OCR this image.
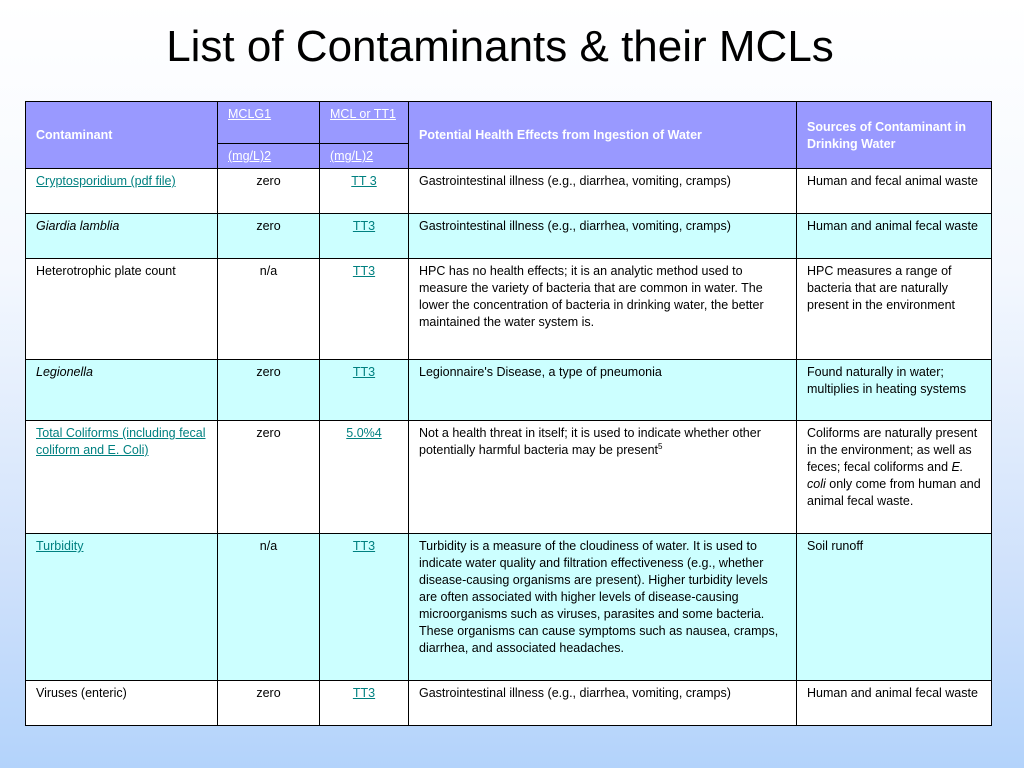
List of Contaminants & their MCLs
Contaminant	MCLG1	MCL or TT1	Potential Health Effects from Ingestion of Water	Sources of Contaminant in Drinking Water
	(mg/L)2	(mg/L)2		
Cryptosporidium (pdf file)	zero	TT 3	Gastrointestinal illness (e.g., diarrhea, vomiting, cramps)	Human and fecal animal waste
Giardia lamblia	zero	TT3	Gastrointestinal illness (e.g., diarrhea, vomiting, cramps)	Human and animal fecal waste
Heterotrophic plate count	n/a	TT3	HPC has no health effects; it is an analytic method used to measure the variety of bacteria that are common in water. The lower the concentration of bacteria in drinking water, the better maintained the water system is.	HPC measures a range of bacteria that are naturally present in the environment
Legionella	zero	TT3	Legionnaire's Disease, a type of pneumonia	Found naturally in water; multiplies in heating systems
Total Coliforms (including fecal coliform and E. Coli)	zero	5.0%4	Not a health threat in itself; it is used to indicate whether other potentially harmful bacteria may be present$^5$	Coliforms are naturally present in the environment; as well as feces; fecal coliforms and E. coli only come from human and animal fecal waste.
Turbidity	n/a	TT3	Turbidity is a measure of the cloudiness of water. It is used to indicate water quality and filtration effectiveness (e.g., whether disease-causing organisms are present). Higher turbidity levels are often associated with higher levels of disease-causing microorganisms such as viruses, parasites and some bacteria. These organisms can cause symptoms such as nausea, cramps, diarrhea, and associated headaches.	Soil runoff
Viruses (enteric)	zero	TT3	Gastrointestinal illness (e.g., diarrhea, vomiting, cramps)	Human and animal fecal waste
